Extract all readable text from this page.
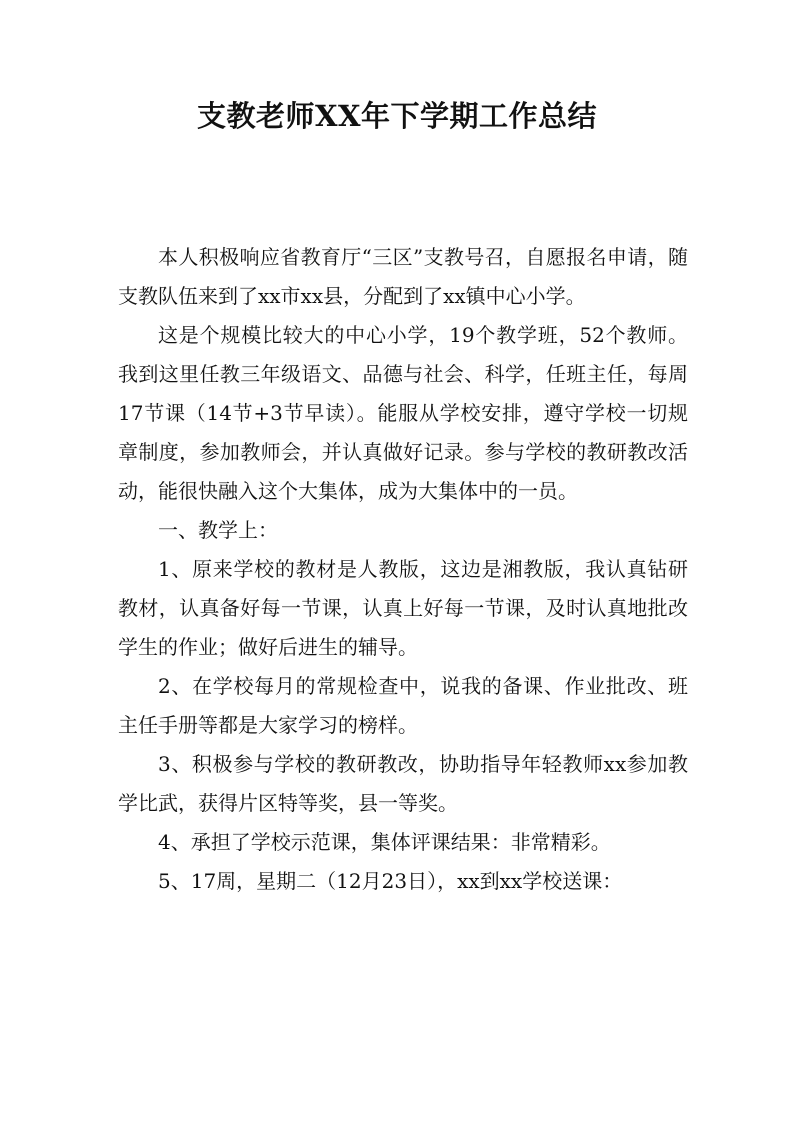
支教老师XX年下学期工作总结

本人积极响应省教育厅“三区”支教号召，自愿报名申请，随支教队伍来到了xx市xx县，分配到了xx镇中心小学。

这是个规模比较大的中心小学，19个教学班，52个教师。我到这里任教三年级语文、品德与社会、科学，任班主任，每周17节课（14节+3节早读）。能服从学校安排，遵守学校一切规章制度，参加教师会，并认真做好记录。参与学校的教研教改活动，能很快融入这个大集体，成为大集体中的一员。

一、教学上：

1、原来学校的教材是人教版，这边是湘教版，我认真钻研教材，认真备好每一节课，认真上好每一节课，及时认真地批改学生的作业；做好后进生的辅导。

2、在学校每月的常规检查中，说我的备课、作业批改、班主任手册等都是大家学习的榜样。

3、积极参与学校的教研教改，协助指导年轻教师xx参加教学比武，获得片区特等奖，县一等奖。

4、承担了学校示范课，集体评课结果：非常精彩。

5、17周，星期二（12月23日），xx到xx学校送课：
